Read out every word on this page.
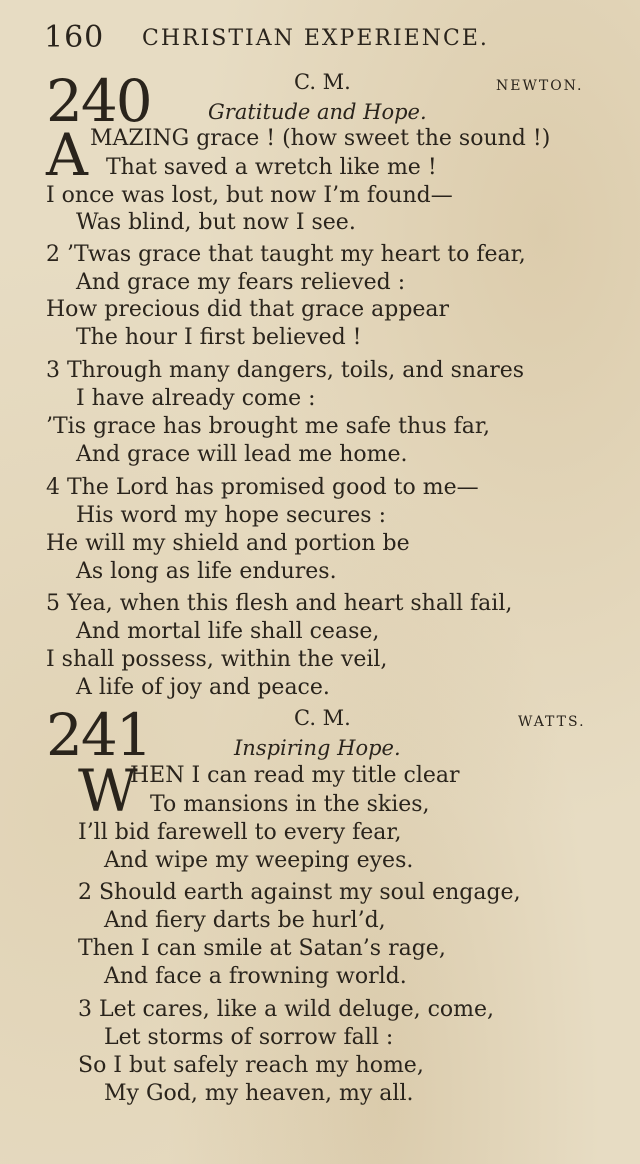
160 CHRISTIAN EXPERIENCE.
240	C. M.	NEWTON.
Gratitude and Hope.
A MAZING grace ! (how sweet the sound !)
That saved a wretch like me !
I once was lost, but now I’m found—
Was blind, but now I see.
2 ’Twas grace that taught my heart to fear,
And grace my fears relieved :
How precious did that grace appear
The hour I first believed !
3 Through many dangers, toils, and snares
I have already come :
’Tis grace has brought me safe thus far,
And grace will lead me home.
4 The Lord has promised good to me—
His word my hope secures :
He will my shield and portion be
As long as life endures.
5 Yea, when this flesh and heart shall fail,
And mortal life shall cease,
I shall possess, within the veil,
A life of joy and peace.
241	C. M.	WATTS.
Inspiring Hope.
W
HEN I can read my title clear
To mansions in the skies,
I’ll bid farewell to every fear,
And wipe my weeping eyes.
2 Should earth against my soul engage,
And fiery darts be hurl’d,
Then I can smile at Satan’s rage,
And face a frowning world.
3 Let cares, like a wild deluge, come,
Let storms of sorrow fall :
So I but safely reach my home,
My God, my heaven, my all.
